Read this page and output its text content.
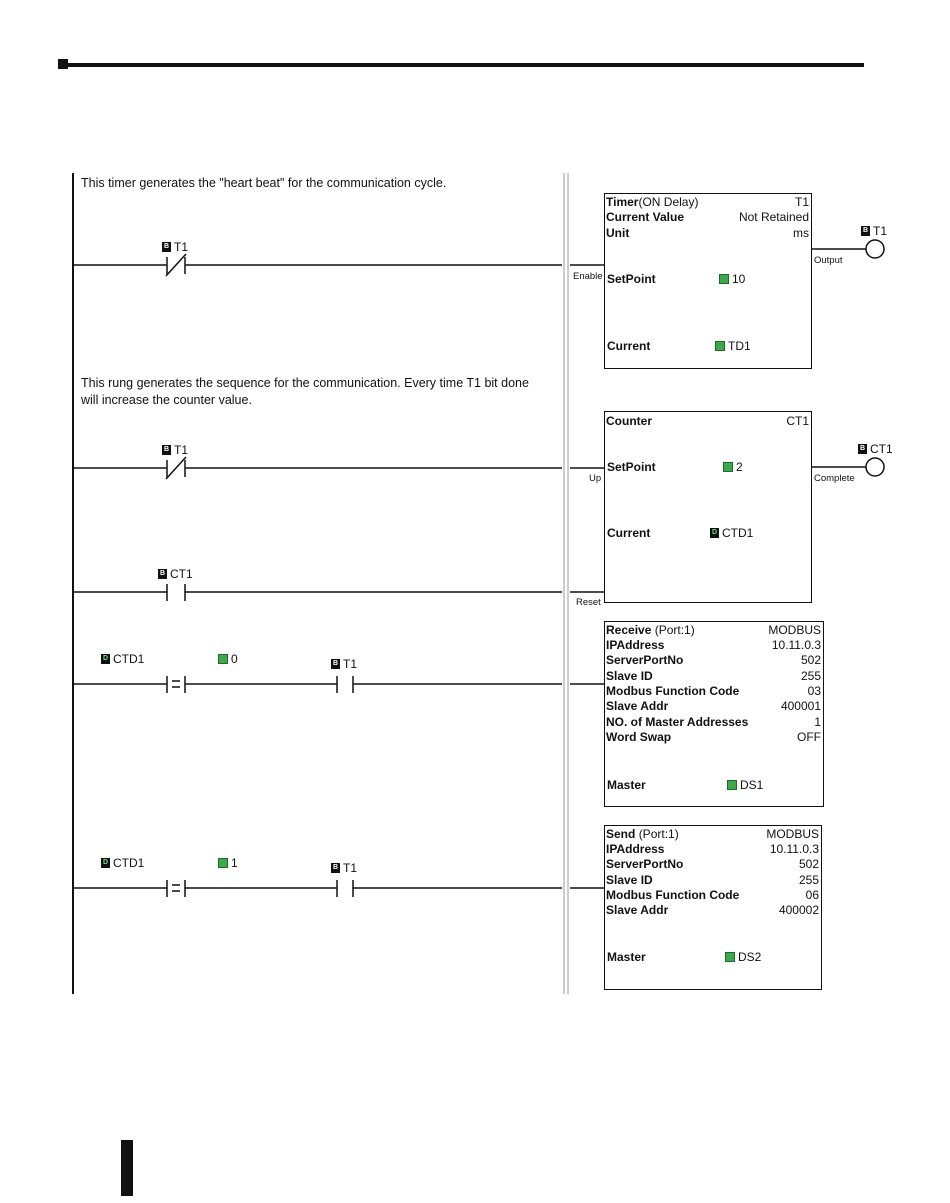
This timer generates the "heart beat" for the communication cycle.
B T1
Enable
Output
B T1
Timer(ON Delay)	T1
Current Value	Not Retained
Unit	ms
SetPoint	10
Current	TD1
This rung generates the sequence for the communication. Every time T1 bit done
will increase the counter value.
B T1
B CT1
Up
Reset
Complete
B CT1
Counter	CT1
SetPoint	2
Current	D CTD1
D CTD1	0	B T1
Receive (Port:1)	MODBUS
IPAddress	10.11.0.3
ServerPortNo	502
Slave ID	255
Modbus Function Code	03
Slave Addr	400001
NO. of Master Addresses	1
Word Swap	OFF
Master	DS1
D CTD1	1	B T1
Send (Port:1)	MODBUS
IPAddress	10.11.0.3
ServerPortNo	502
Slave ID	255
Modbus Function Code	06
Slave Addr	400002
Master	DS2
